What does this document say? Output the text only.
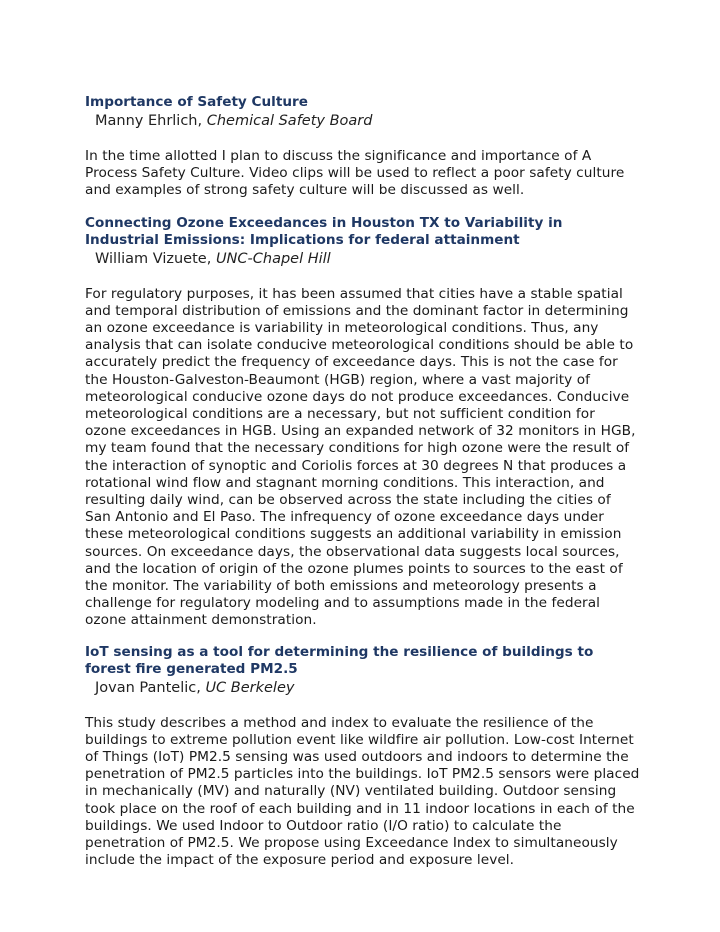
Importance of Safety Culture

Manny Ehrlich, Chemical Safety Board

In the time allotted I plan to discuss the significance and importance of A Process Safety Culture. Video clips will be used to reflect a poor safety culture and examples of strong safety culture will be discussed as well.

Connecting Ozone Exceedances in Houston TX to Variability in Industrial Emissions: Implications for federal attainment

William Vizuete, UNC-Chapel Hill

For regulatory purposes, it has been assumed that cities have a stable spatial and temporal distribution of emissions and the dominant factor in determining an ozone exceedance is variability in meteorological conditions. Thus, any analysis that can isolate conducive meteorological conditions should be able to accurately predict the frequency of exceedance days. This is not the case for the Houston-Galveston-Beaumont (HGB) region, where a vast majority of meteorological conducive ozone days do not produce exceedances. Conducive meteorological conditions are a necessary, but not sufficient condition for ozone exceedances in HGB. Using an expanded network of 32 monitors in HGB, my team found that the necessary conditions for high ozone were the result of the interaction of synoptic and Coriolis forces at 30 degrees N that produces a rotational wind flow and stagnant morning conditions. This interaction, and resulting daily wind, can be observed across the state including the cities of San Antonio and El Paso. The infrequency of ozone exceedance days under these meteorological conditions suggests an additional variability in emission sources. On exceedance days, the observational data suggests local sources, and the location of origin of the ozone plumes points to sources to the east of the monitor. The variability of both emissions and meteorology presents a challenge for regulatory modeling and to assumptions made in the federal ozone attainment demonstration.

IoT sensing as a tool for determining the resilience of buildings to forest fire generated PM2.5

Jovan Pantelic, UC Berkeley

This study describes a method and index to evaluate the resilience of the buildings to extreme pollution event like wildfire air pollution. Low-cost Internet of Things (IoT) PM2.5 sensing was used outdoors and indoors to determine the penetration of PM2.5 particles into the buildings. IoT PM2.5 sensors were placed in mechanically (MV) and naturally (NV) ventilated building. Outdoor sensing took place on the roof of each building and in 11 indoor locations in each of the buildings. We used Indoor to Outdoor ratio (I/O ratio) to calculate the penetration of PM2.5. We propose using Exceedance Index to simultaneously include the impact of the exposure period and exposure level.
